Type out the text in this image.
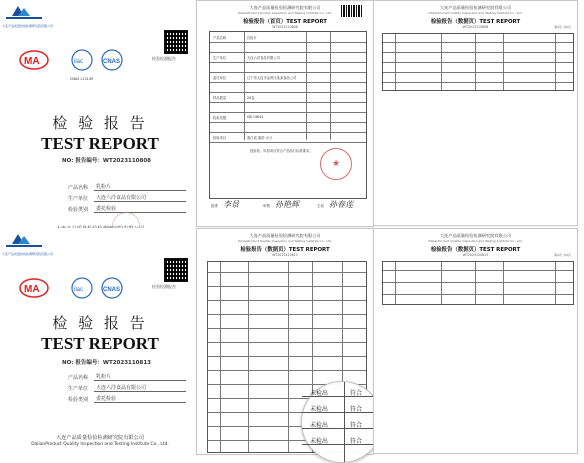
大连产品质量检验检测研究院有限公司
MA	ilac	CNAS
CNAS L13149
检验检测报告
检 验 报 告
TEST REPORT
NO: 报告编号：WT2023110808
产品名称	乳粉片
生产单位	大连六洋食品有限公司
检验类别	委托检验
大连产品质量检验检测研究院有限公司
DalianProduct Quality Inspection and Testing Institute Co., Ltd.
检验报告（首页）TEST REPORT
WT2023110808
产品名称	乳粉片
生产单位	大连六洋食品有限公司
委托单位	辽宁省大连市金州区某某食品公司
样品数量	20袋
检验依据	GB 19644
检验项目	蛋白质 脂肪 水分
经检验，所检项目符合产品执行标准要求。
★
批准 李景	审核 孙艳辉	主检 孙春莲
大连产品质量检验检测研究院有限公司
DalianProduct Quality Inspection and Testing Institute Co., Ltd.
检验报告（数据页）TEST REPORT
WT2023110808	第2页 共2页
大连产品质量检验检测研究院有限公司
MA	ilac	CNAS
检验检测报告
检 验 报 告
TEST REPORT
NO: 报告编号：WT2023110813
产品名称	乳粉片
生产单位	大连六洋食品有限公司
检验类别	委托检验
大连产品质量检验检测研究院有限公司
DalianProduct Quality Inspection and Testing Institute Co., Ltd.
大连产品质量检验检测研究院有限公司
DalianProduct Quality Inspection and Testing Institute Co., Ltd.
检验报告（数据页）TEST REPORT
WT2023110813
未检出	符合
未检出	符合
未检出	符合
未检出	符合
大连产品质量检验检测研究院有限公司
DalianProduct Quality Inspection and Testing Institute Co., Ltd.
检验报告（数据页）TEST REPORT
WT2023110813	第2页 共2页
